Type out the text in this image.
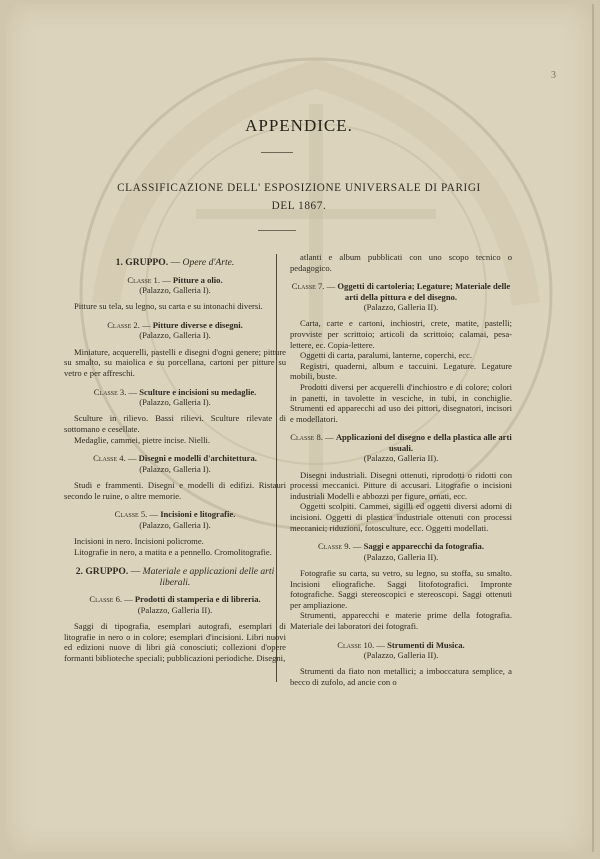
3
APPENDICE.
CLASSIFICAZIONE DELL' ESPOSIZIONE UNIVERSALE DI PARIGI
DEL 1867.
1. GRUPPO. — Opere d'Arte.
Classe 1. — Pitture a olio.
(Palazzo, Galleria I).

Pitture su tela, su legno, su carta e su intonachi diversi.

Classe 2. — Pitture diverse e disegni.
(Palazzo, Galleria I).

Miniature, acquerelli, pastelli e disegni d'ogni genere; pitture su smalto, su maiolica e su porcellana, cartoni per pitture su vetro e per affreschi.

Classe 3. — Sculture e incisioni su medaglie.
(Palazzo, Galleria I).

Sculture in rilievo. Bassi rilievi. Sculture rilevate di sottomano e cesellate.

Medaglie, cammei, pietre incise. Nielli.

Classe 4. — Disegni e modelli d'architettura.
(Palazzo, Galleria I).

Studi e frammenti. Disegni e modelli di edifizi. Ristauri secondo le ruine, o altre memorie.

Classe 5. — Incisioni e litografie.
(Palazzo, Galleria I).

Incisioni in nero. Incisioni policrome.

Litografie in nero, a matita e a pennello. Cromolitografie.

2. GRUPPO. — Materiale e applicazioni delle arti liberali.
Classe 6. — Prodotti di stamperia e di libreria.
(Palazzo, Galleria II).

Saggi di tipografia, esemplari autografi, esemplari di litografie in nero o in colore; esemplari d'incisioni. Libri nuovi ed edizioni nuove di libri già conosciuti; collezioni d'opere formanti biblioteche speciali; pubblicazioni periodiche. Disegni,

atlanti e album pubblicati con uno scopo tecnico o pedagogico.

Classe 7. — Oggetti di cartoleria; Legature; Materiale delle arti della pittura e del disegno.
(Palazzo, Galleria II).

Carta, carte e cartoni, inchiostri, crete, matite, pastelli; provviste per scrittoio; articoli da scrittoio; calamai, pesa-lettere, ec. Copia-lettere.

Oggetti di carta, paralumi, lanterne, coperchi, ecc.

Registri, quaderni, album e taccuini. Legature. Legature mobili, buste.

Prodotti diversi per acquerelli d'inchiostro e di colore; colori in panetti, in tavolette in vesciche, in tubi, in conchiglie. Strumenti ed apparecchi ad uso dei pittori, disegnatori, incisori e modellatori.

Classe 8. — Applicazioni del disegno e della plastica alle arti usuali.
(Palazzo, Galleria II).

Disegni industriali. Disegni ottenuti, riprodotti o ridotti con processi meccanici. Pitture di accusari. Litografie o incisioni industriali Modelli e abbozzi per figure, ornati, ecc.

Oggetti scolpiti. Cammei, sigilli ed oggetti diversi adorni di incisioni. Oggetti di plastica industriale ottenuti con processi meccanici; riduzioni, fotosculture, ecc. Oggetti modellati.

Classe 9. — Saggi e apparecchi da fotografia.
(Palazzo, Galleria II).

Fotografie su carta, su vetro, su legno, su stoffa, su smalto. Incisioni eliografiche. Saggi litofotografici. Impronte fotografiche. Saggi stereoscopici e stereoscopi. Saggi ottenuti per ampliazione.

Strumenti, apparecchi e materie prime della fotografia. Materiale dei laboratori dei fotografi.

Classe 10. — Strumenti di Musica.
(Palazzo, Galleria II).

Strumenti da fiato non metallici; a imboccatura semplice, a becco di zufolo, ad ancie con o
